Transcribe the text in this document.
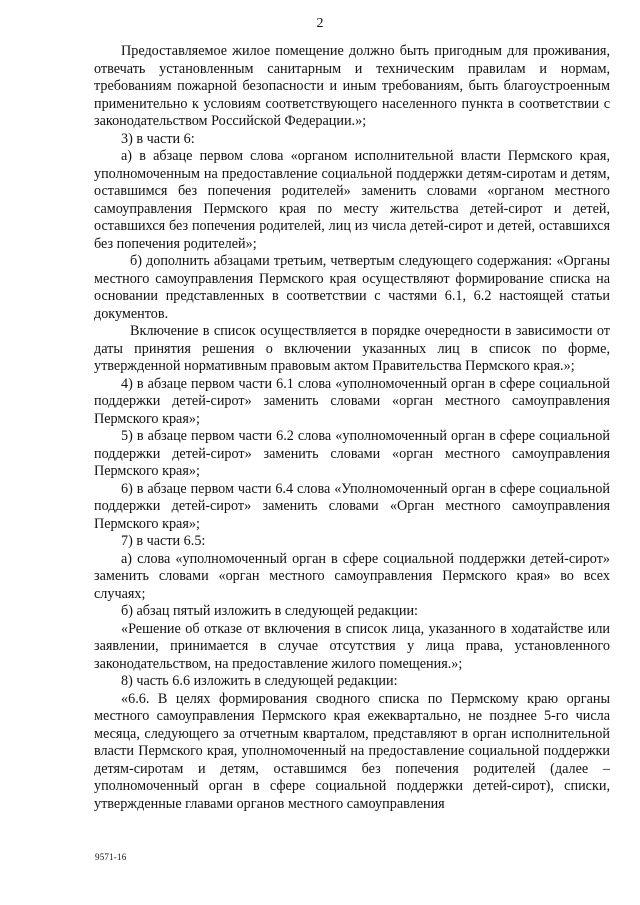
2

Предоставляемое жилое помещение должно быть пригодным для проживания, отвечать установленным санитарным и техническим правилам и нормам, требованиям пожарной безопасности и иным требованиям, быть благоустроенным применительно к условиям соответствующего населенного пункта в соответствии с законодательством Российской Федерации.»;

3) в части 6:

а) в абзаце первом слова «органом исполнительной власти Пермского края, уполномоченным на предоставление социальной поддержки детям-сиротам и детям, оставшимся без попечения родителей» заменить словами «органом местного самоуправления Пермского края по месту жительства детей-сирот и детей, оставшихся без попечения родителей, лиц из числа детей-сирот и детей, оставшихся без попечения родителей»;

б) дополнить абзацами третьим, четвертым следующего содержания: «Органы местного самоуправления Пермского края осуществляют формирование списка на основании представленных в соответствии с частями 6.1, 6.2 настоящей статьи документов.

Включение в список осуществляется в порядке очередности в зависимости от даты принятия решения о включении указанных лиц в список по форме, утвержденной нормативным правовым актом Правительства Пермского края.»;

4) в абзаце первом части 6.1 слова «уполномоченный орган в сфере социальной поддержки детей-сирот» заменить словами «орган местного самоуправления Пермского края»;

5) в абзаце первом части 6.2 слова «уполномоченный орган в сфере социальной поддержки детей-сирот» заменить словами «орган местного самоуправления Пермского края»;

6) в абзаце первом части 6.4 слова «Уполномоченный орган в сфере социальной поддержки детей-сирот» заменить словами «Орган местного самоуправления Пермского края»;

7) в части 6.5:

а) слова «уполномоченный орган в сфере социальной поддержки детей-сирот» заменить словами «орган местного самоуправления Пермского края» во всех случаях;

б) абзац пятый изложить в следующей редакции:

«Решение об отказе от включения в список лица, указанного в ходатайстве или заявлении, принимается в случае отсутствия у лица права, установленного законодательством, на предоставление жилого помещения.»;

8) часть 6.6 изложить в следующей редакции:

«6.6. В целях формирования сводного списка по Пермскому краю органы местного самоуправления Пермского края ежеквартально, не позднее 5-го числа месяца, следующего за отчетным кварталом, представляют в орган исполнительной власти Пермского края, уполномоченный на предоставление социальной поддержки детям-сиротам и детям, оставшимся без попечения родителей (далее – уполномоченный орган в сфере социальной поддержки детей-сирот), списки, утвержденные главами органов местного самоуправления

9571-16
